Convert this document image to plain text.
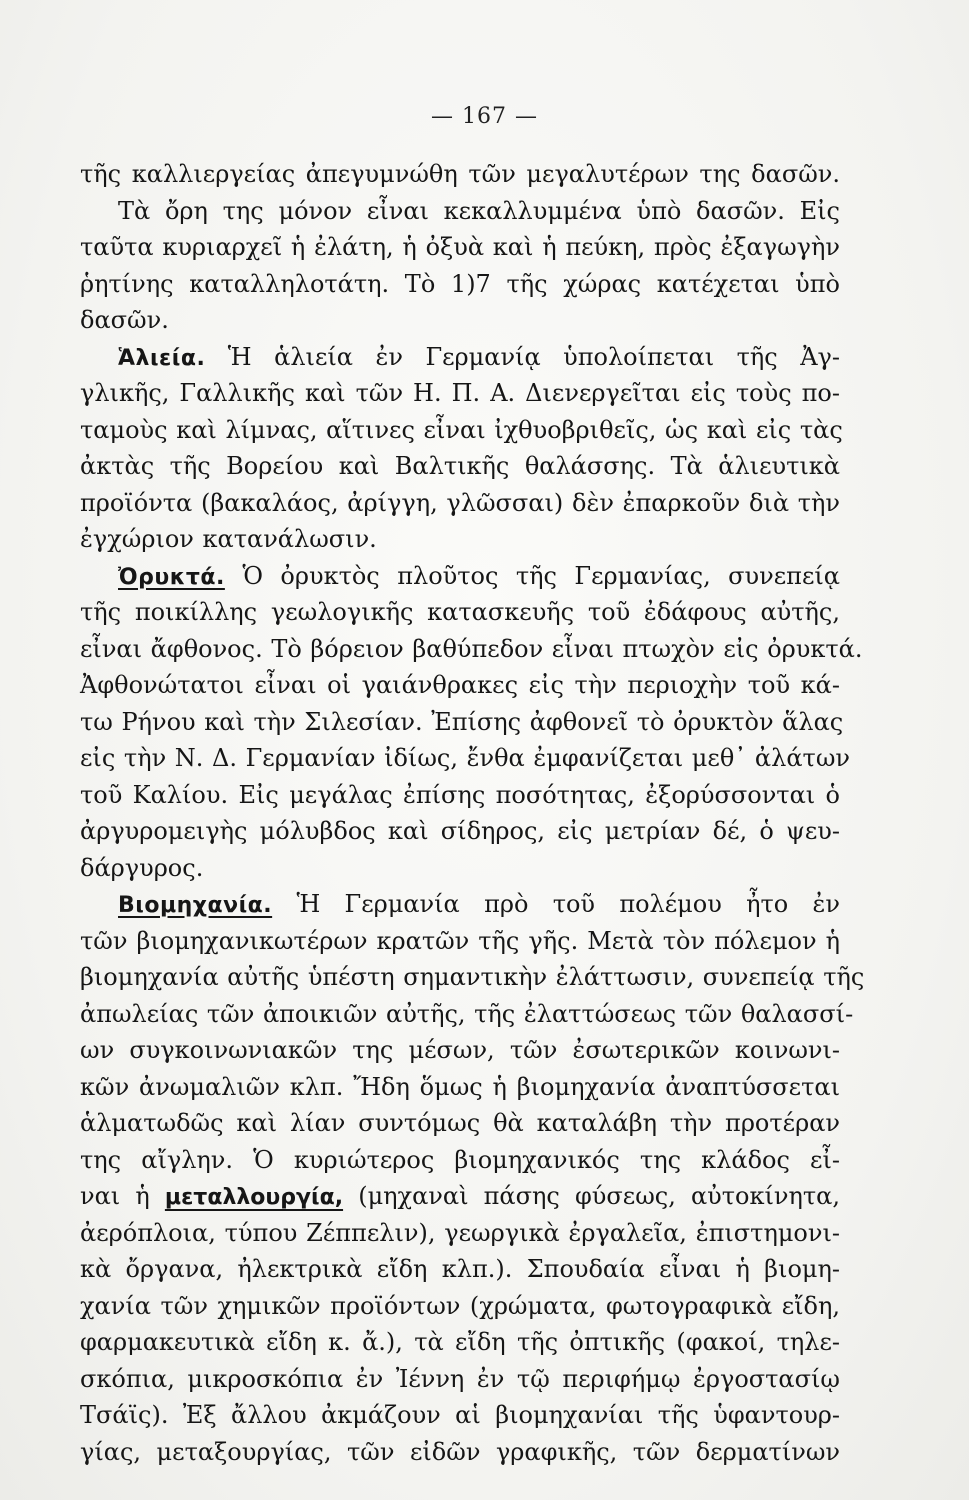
— 167 —
τῆς καλλιεργείας ἀπεγυμνώθη τῶν μεγαλυτέρων της δασῶν.
Τὰ ὄρη της μόνον εἶναι κεκαλλυμμένα ὑπὸ δασῶν. Εἰς
ταῦτα κυριαρχεῖ ἡ ἐλάτη, ἡ ὀξυὰ καὶ ἡ πεύκη, πρὸς ἐξαγωγὴν
ῥητίνης καταλληλοτάτη. Τὸ 1)7 τῆς χώρας κατέχεται ὑπὸ
δασῶν.
Ἁλιεία. Ἡ ἁλιεία ἐν Γερμανίᾳ ὑπολοίπεται τῆς Ἀγ-
γλικῆς, Γαλλικῆς καὶ τῶν Η. Π. Α. Διενεργεῖται εἰς τοὺς πο-
ταμοὺς καὶ λίμνας, αἵτινες εἶναι ἰχθυοβριθεῖς, ὡς καὶ εἰς τὰς
ἀκτὰς τῆς Βορείου καὶ Βαλτικῆς θαλάσσης. Τὰ ἁλιευτικὰ
προϊόντα (βακαλάος, ἀρίγγη, γλῶσσαι) δὲν ἐπαρκοῦν διὰ τὴν
ἐγχώριον κατανάλωσιν.
Ὀρυκτά. Ὁ ὀρυκτὸς πλοῦτος τῆς Γερμανίας, συνεπείᾳ
τῆς ποικίλλης γεωλογικῆς κατασκευῆς τοῦ ἐδάφους αὐτῆς,
εἶναι ἄφθονος. Τὸ βόρειον βαθύπεδον εἶναι πτωχὸν εἰς ὀρυκτά.
Ἀφθονώτατοι εἶναι οἱ γαιάνθρακες εἰς τὴν περιοχὴν τοῦ κά-
τω Ρήνου καὶ τὴν Σιλεσίαν. Ἐπίσης ἀφθονεῖ τὸ ὀρυκτὸν ἅλας
εἰς τὴν Ν. Δ. Γερμανίαν ἰδίως, ἔνθα ἐμφανίζεται μεθ᾽ ἀλάτων
τοῦ Καλίου. Εἰς μεγάλας ἐπίσης ποσότητας, ἐξορύσσονται ὁ
ἀργυρομειγὴς μόλυβδος καὶ σίδηρος, εἰς μετρίαν δέ, ὁ ψευ-
δάργυρος.
Βιομηχανία. Ἡ Γερμανία πρὸ τοῦ πολέμου ἦτο ἐν
τῶν βιομηχανικωτέρων κρατῶν τῆς γῆς. Μετὰ τὸν πόλεμον ἡ
βιομηχανία αὐτῆς ὑπέστη σημαντικὴν ἐλάττωσιν, συνεπείᾳ τῆς
ἀπωλείας τῶν ἀποικιῶν αὐτῆς, τῆς ἐλαττώσεως τῶν θαλασσί-
ων συγκοινωνιακῶν της μέσων, τῶν ἐσωτερικῶν κοινωνι-
κῶν ἀνωμαλιῶν κλπ. Ἤδη ὅμως ἡ βιομηχανία ἀναπτύσσεται
ἁλματωδῶς καὶ λίαν συντόμως θὰ καταλάβη τὴν προτέραν
της αἴγλην. Ὁ κυριώτερος βιομηχανικός της κλάδος εἶ-
ναι ἡ μεταλλουργία, (μηχαναὶ πάσης φύσεως, αὐτοκίνητα,
ἀερόπλοια, τύπου Ζέππελιν), γεωργικὰ ἐργαλεῖα, ἐπιστημονι-
κὰ ὄργανα, ἠλεκτρικὰ εἴδη κλπ.). Σπουδαία εἶναι ἡ βιομη-
χανία τῶν χημικῶν προϊόντων (χρώματα, φωτογραφικὰ εἴδη,
φαρμακευτικὰ εἴδη κ. ἄ.), τὰ εἴδη τῆς ὀπτικῆς (φακοί, τηλε-
σκόπια, μικροσκόπια ἐν Ἰέννη ἐν τῷ περιφήμῳ ἐργοστασίῳ
Τσάϊς). Ἐξ ἄλλου ἀκμάζουν αἱ βιομηχανίαι τῆς ὑφαντουρ-
γίας, μεταξουργίας, τῶν εἰδῶν γραφικῆς, τῶν δερματίνων
